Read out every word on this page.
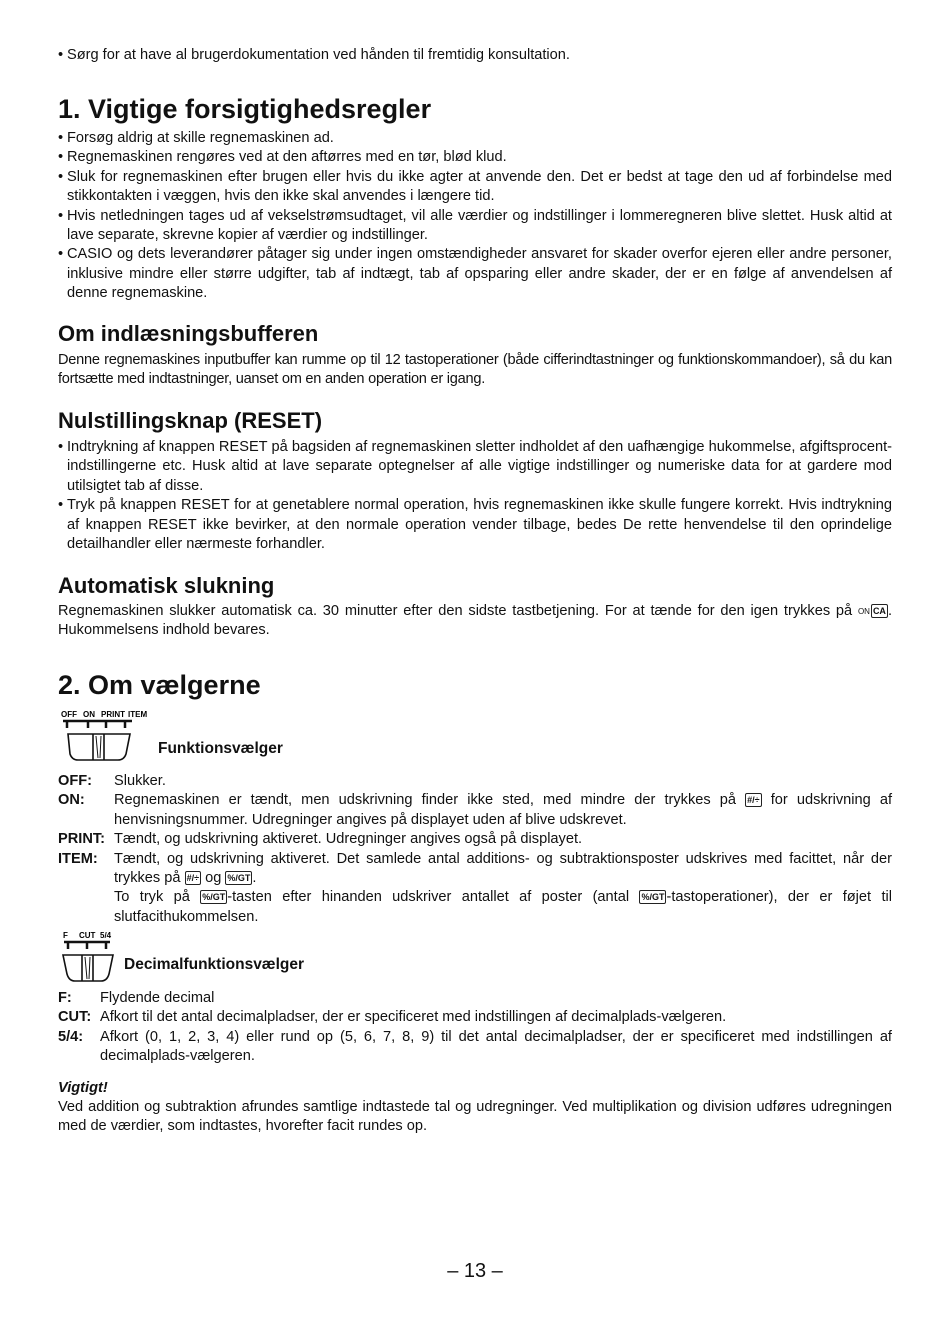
• Sørg for at have al brugerdokumentation ved hånden til fremtidig konsultation.

1. Vigtige forsigtighedsregler

• Forsøg aldrig at skille regnemaskinen ad.

• Regnemaskinen rengøres ved at den aftørres med en tør, blød klud.

• Sluk for regnemaskinen efter brugen eller hvis du ikke agter at anvende den. Det er bedst at tage den ud af forbindelse med stikkontakten i væggen, hvis den ikke skal anvendes i længere tid.

• Hvis netledningen tages ud af vekselstrømsudtaget, vil alle værdier og indstillinger i lommeregneren blive slettet. Husk altid at lave separate, skrevne kopier af værdier og indstillinger.

• CASIO og dets leverandører påtager sig under ingen omstændigheder ansvaret for skader overfor ejeren eller andre personer, inklusive mindre eller større udgifter, tab af indtægt, tab af opsparing eller andre skader, der er en følge af anvendelsen af denne regnemaskine.

Om indlæsningsbufferen

Denne regnemaskines inputbuffer kan rumme op til 12 tastoperationer (både cifferindtastninger og funktionskommandoer), så du kan fortsætte med indtastninger, uanset om en anden operation er igang.

Nulstillingsknap (RESET)

• Indtrykning af knappen RESET på bagsiden af regnemaskinen sletter indholdet af den uafhængige hukommelse, afgiftsprocent-indstillingerne etc. Husk altid at lave separate optegnelser af alle vigtige indstillinger og numeriske data for at gardere mod utilsigtet tab af disse.

• Tryk på knappen RESET for at genetablere normal operation, hvis regnemaskinen ikke skulle fungere korrekt. Hvis indtrykning af knappen RESET ikke bevirker, at den normale operation vender tilbage, bedes De rette henvendelse til den oprindelige detailhandler eller nærmeste forhandler.

Automatisk slukning

Regnemaskinen slukker automatisk ca. 30 minutter efter den sidste tastbetjening. For at tænde for den igen trykkes på ON CA . Hukommelsens indhold bevares.

2. Om vælgerne
OFF ON PRINT ITEM
Funktionsvælger
OFF:	Slukker.
ON:	Regnemaskinen er tændt, men udskrivning finder ikke sted, med mindre der trykkes på #/÷ for udskrivning af henvisningsnummer. Udregninger angives på displayet uden af blive udskrevet.
PRINT: Tændt, og udskrivning aktiveret. Udregninger angives også på displayet.
ITEM:	Tændt, og udskrivning aktiveret. Det samlede antal additions- og subtraktionsposter udskrives med facittet, når der trykkes på #/÷ og %/GT .
To tryk på %/GT -tasten efter hinanden udskriver antallet af poster (antal %/GT -tastoperationer), der er føjet til slutfacithukommelsen.
F CUT 5/4
Decimalfunktionsvælger
F:	Flydende decimal
CUT: Afkort til det antal decimalpladser, der er specificeret med indstillingen af decimalplads-vælgeren.
5/4:	Afkort (0, 1, 2, 3, 4) eller rund op (5, 6, 7, 8, 9) til det antal decimalpladser, der er specificeret med indstillingen af decimalplads-vælgeren.

Vigtigt!

Ved addition og subtraktion afrundes samtlige indtastede tal og udregninger. Ved multiplikation og division udføres udregningen med de værdier, som indtastes, hvorefter facit rundes op.

– 13 –
